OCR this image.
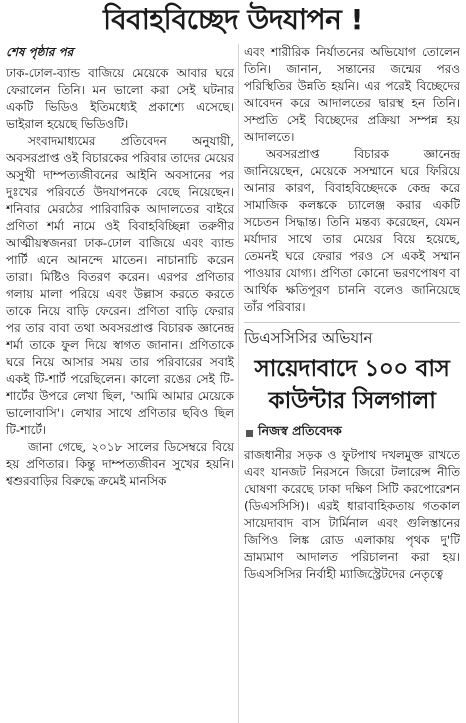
বিবাহবিচ্ছেদ উদযাপন !
শেষ পৃষ্ঠার পর

ঢাক-ঢোল-ব্যান্ড বাজিয়ে মেয়েকে আবার ঘরে ফেরালেন তিনি। মন ভালো করা সেই ঘটনার একটি ভিডিও ইতিমধ্যেই প্রকাশ্যে এসেছে। ভাইরাল হয়েছে ভিডিওটি।

সংবাদমাধ্যমের প্রতিবেদন অনুযায়ী, অবসরপ্রাপ্ত ওই বিচারকের পরিবার তাদের মেয়ের অসুখী দাম্পত্যজীবনের আইনি অবসানের পর দুঃখের পরিবর্তে উদযাপনকে বেছে নিয়েছেন। শনিবার মেরঠের পারিবারিক আদালতের বাইরে প্রণিতা শর্মা নামে ওই বিবাহবিচ্ছিন্না তরুণীর আত্মীয়স্বজনরা ঢাক-ঢোল বাজিয়ে এবং ব্যান্ড পার্টি এনে আনন্দে মাতেন। নাচানাচি করেন তারা। মিষ্টিও বিতরণ করেন। এরপর প্রণিতার গলায় মালা পরিয়ে এবং উল্লাস করতে করতে তাকে নিয়ে বাড়ি ফেরেন। প্রণিতা বাড়ি ফেরার পর তার বাবা তথা অবসরপ্রাপ্ত বিচারক জ্ঞানেন্দ্র শর্মা তাকে ফুল দিয়ে স্বাগত জানান। প্রণিতাকে ঘরে নিয়ে আসার সময় তার পরিবারের সবাই একই টি-শার্ট পরেছিলেন। কালো রঙের সেই টি-শার্টের উপরে লেখা ছিল, 'আমি আমার মেয়েকে ভালোবাসি'। লেখার সাথে প্রণিতার ছবিও ছিল টি-শার্টে।

জানা গেছে, ২০১৮ সালের ডিসেম্বরে বিয়ে হয় প্রণিতার। কিন্তু দাম্পত্যজীবন সুখের হয়নি। শ্বশুরবাড়ির বিরুদ্ধে ক্রমেই মানসিক

এবং শারীরিক নির্যাতনের অভিযোগ তোলেন তিনি। জানান, সন্তানের জন্মের পরও পরিস্থিতির উন্নতি হয়নি। এর পরেই বিচ্ছেদের আবেদন করে আদালতের দ্বারস্থ হন তিনি। সম্প্রতি সেই বিচ্ছেদের প্রক্রিয়া সম্পন্ন হয় আদালতে।

অবসরপ্রাপ্ত বিচারক জ্ঞানেন্দ্র জানিয়েছেন, মেয়েকে সসম্মানে ঘরে ফিরিয়ে আনার কারণ, বিবাহবিচ্ছেদকে কেন্দ্র করে সামাজিক কলঙ্ককে চ্যালেঞ্জ করার একটি সচেতন সিদ্ধান্ত। তিনি মন্তব্য করেছেন, যেমন মর্যাদার সাথে তার মেয়ের বিয়ে হয়েছে, তেমনই ঘরে ফেরার পরও সে একই সম্মান পাওয়ার যোগ্য। প্রণিতা কোনো ভরণপোষণ বা আর্থিক ক্ষতিপূরণ চাননি বলেও জানিয়েছে তাঁর পরিবার।

ডিএসসিসির অভিযান
সায়েদাবাদে ১০০ বাস কাউন্টার সিলগালা
নিজস্ব প্রতিবেদক

রাজধানীর সড়ক ও ফুটপাথ দখলমুক্ত রাখতে এবং যানজট নিরসনে জিরো টলারেন্স নীতি ঘোষণা করেছে ঢাকা দক্ষিণ সিটি করপোরেশন (ডিএসসিসি)। এরই ধারাবাহিকতায় গতকাল সায়েদাবাদ বাস টার্মিনাল এবং গুলিস্তানের জিপিও লিঙ্ক রোড এলাকায় পৃথক দু'টি ভ্রাম্যমাণ আদালত পরিচালনা করা হয়। ডিএসসিসির নির্বাহী ম্যাজিস্ট্রেটদের নেতৃত্বে
